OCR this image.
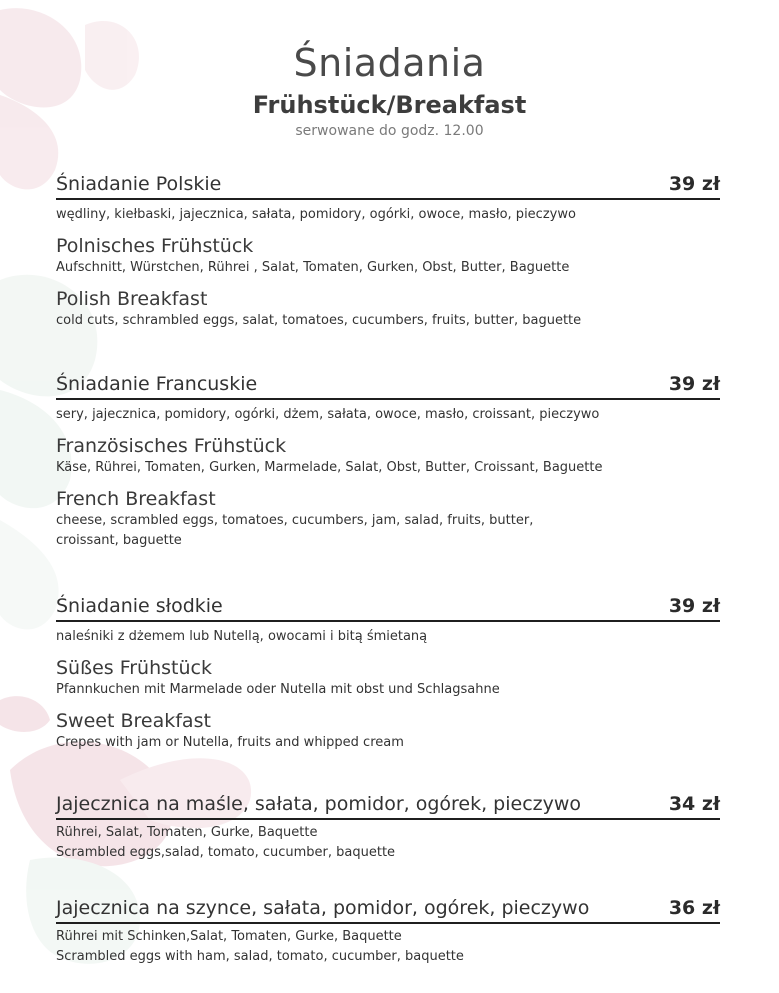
Śniadania
Frühstück/Breakfast
serwowane do godz. 12.00
Śniadanie Polskie	39 zł
wędliny, kiełbaski, jajecznica, sałata, pomidory, ogórki, owoce, masło, pieczywo
Polnisches Frühstück
Aufschnitt, Würstchen, Rührei , Salat, Tomaten, Gurken, Obst, Butter, Baguette
Polish Breakfast
cold cuts, schrambled eggs, salat, tomatoes, cucumbers, fruits, butter, baguette
Śniadanie Francuskie	39 zł
sery, jajecznica, pomidory, ogórki, dżem, sałata, owoce, masło, croissant, pieczywo
Französisches Frühstück
Käse, Rührei, Tomaten, Gurken, Marmelade, Salat, Obst, Butter, Croissant, Baguette
French Breakfast
cheese, scrambled eggs, tomatoes, cucumbers, jam, salad, fruits, butter,
croissant, baguette
Śniadanie słodkie	39 zł
naleśniki z dżemem lub Nutellą, owocami i bitą śmietaną
Süßes Frühstück
Pfannkuchen mit Marmelade oder Nutella mit obst und Schlagsahne
Sweet Breakfast
Crepes with jam or Nutella, fruits and whipped cream
Jajecznica na maśle, sałata, pomidor, ogórek, pieczywo	34 zł
Rührei, Salat, Tomaten, Gurke, Baquette
Scrambled eggs,salad, tomato, cucumber, baquette
Jajecznica na szynce, sałata, pomidor, ogórek, pieczywo	36 zł
Rührei mit Schinken,Salat, Tomaten, Gurke, Baquette
Scrambled eggs with ham, salad, tomato, cucumber, baquette
